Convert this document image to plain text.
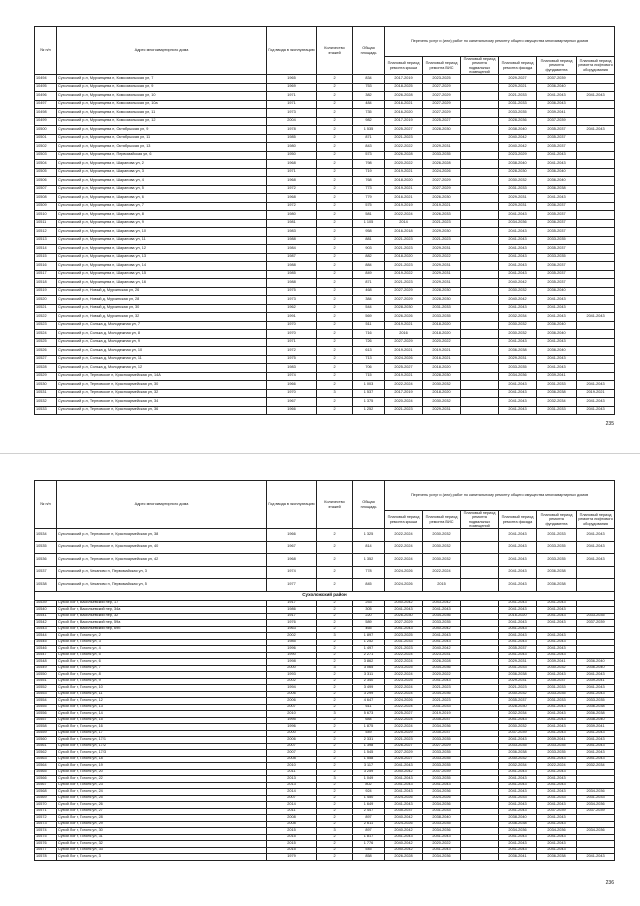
№ п/п	Адрес многоквартирного дома	Год ввода в эксплуатацию	Количество этажей	Общая площадь	Перечень услуг и (или) работ по капитальному ремонту общего имущества многоквартирных домов					
					Плановый период ремонта крыши	Плановый период ремонта ВИС	Плановый период ремонта подвальных помещений	Плановый период ремонта фасада	Плановый период ремонта фундамента	Плановый период ремонта лифтового оборудования
10494	Сухоложский р-н, Мурзинцева п, Комсомольская ул, 7	1965	2	834	2017-2019	2023-2025		2029-2027	2037-2039	
10495	Сухоложский р-н, Мурзинцева п, Комсомольская ул, 9	1969	2	753	2018-2025	2027-2029		2029-2021	2036-2040	
10496	Сухоложский р-н, Мурзинцева п, Комсомольская ул, 10	1971	2	382	2026-2028	2027-2029		2021-2033	2041-2043	2041-2043
10497	Сухоложский р-н, Мурзинцева п, Комсомольская ул, 10а	1971	2	484	2016-2021	2027-2029		2031-2033	2036-2043	
10498	Сухоложский р-н, Мурзинцева п, Комсомольская ул, 11	1973	2	735	2016-2020	2027-2029		2033-2035	2039-2041	
10499	Сухоложский р-н, Мурзинцева п, Комсомольская ул, 12	2004	2	982	2017-2019	2025-2027		2028-2036	2037-2039	
10500	Сухоложский р-н, Мурзинцева п, Октябрьская ул, 9	1978	2	1 535	2025-2027	2028-2030		2038-2040	2035-2037	2041-2043
10501	Сухоложский р-н, Мурзинцева п, Октябрьская ул, 11	1985	2	871	2021-2023			2040-2042	2035-2037	
10502	Сухоложский р-н, Мурзинцева п, Октябрьская ул, 13	1980	2	843	2022-2022	2029-2031		2040-2042	2035-2037	
10503	Сухоложский р-н, Мурзинцева п, Первомайская ул, 6	1950	2	573	2026-2028	2033-2035		2023-2029	2041-2043	
10504	Сухоложский р-н, Мурзинцева п, Шарапова ул, 2	1968	2	798	2020-2022	2026-2028		2038-2040	2041-2043	
10505	Сухоложский р-н, Мурзинцева п, Шарапова ул, 3	1971	2	719	2019-2021	2024-2026		2028-2030	2036-2040	
10506	Сухоложский р-н, Мурзинцева п, Шарапова ул, 4	1968	2	768	2018-2020	2027-2029		2030-2032	2036-2040	
10507	Сухоложский р-н, Мурзинцева п, Шарапова ул, 5	1972	2	773	2019-2021	2027-2029		2031-2033	2036-2038	
10508	Сухоложский р-н, Мурзинцева п, Шарапова ул, 6	1968	2	779	2016-2021	2026-2030		2029-2031	2041-2043	
10509	Сухоложский р-н, Мурзинцева п, Шарапова ул, 7	1972	2	575	2019-2019	2019-2021		2029-2031	2036-2037	
10510	Сухоложский р-н, Мурзинцева п, Шарапова ул, 8	1980	2	581	2022-2024	2026-2033		2041-2043	2035-2037	
10511	Сухоложский р-н, Мурзинцева п, Шарапова ул, 9	1981	2	1 105	2014	2021-2023		2034-2036	2036-2037	
10512	Сухоложский р-н, Мурзинцева п, Шарапова ул, 10	1983	2	958	2016-2018	2029-2030		2041-2043	2035-2037	
10513	Сухоложский р-н, Мурзинцева п, Шарапова ул, 11	1988	2	881	2021-2023	2021-2023		2041-2043	2033-2035	
10514	Сухоложский р-н, Мурзинцева п, Шарапова ул, 12	1984	2	903	2021-2023	2029-2031		2041-2043	2035-2037	
10515	Сухоложский р-н, Мурзинцева п, Шарапова ул, 13	1987	2	882	2018-2020	2020-2022		2041-2043	2033-2035	
10516	Сухоложский р-н, Мурзинцева п, Шарапова ул, 14	1988	2	884	2021-2023	2029-2031		2041-2043	2036-2037	
10517	Сухоложский р-н, Мурзинцева п, Шарапова ул, 15	1985	2	849	2019-2022	2029-2031		2041-2043	2035-2037	
10518	Сухоложский р-н, Мурзинцева п, Шарапова ул, 16	1988	2	871	2021-2023	2029-2031		2040-2042	2035-2037	
10519	Сухоложский р-н, Новый д, Мурзинская ул, 26	1975	2	468	2027-2029	2028-2030		2030-2032	2036-2040	
10520	Сухоложский р-н, Новый д, Мурзинская ул, 28	1973	2	384	2027-2029	2028-2030		2040-2042	2041-2043	
10521	Сухоложский р-н, Новый д, Мурзинская ул, 30	1962	2	544	2028-2030	2031-2033		2041-2043	2041-2043	
10522	Сухоложский р-н, Новый д, Мурзинская ул, 32	1991	2	569	2026-2026	2033-2035		2032-2034	2041-2043	2041-2043
10523	Сухоложский р-н, Солька д, Молодежная ул, 7	1970	2	511	2019-2021	2018-2020		2030-2032	2036-2040	
10524	Сухоложский р-н, Солька д, Молодежная ул, 8	1970	2	716	2016	2018-2020		2030-2032	2036-2040	
10525	Сухоложский р-н, Солька д, Молодежная ул, 9	1971	2	726	2027-2029	2020-2022		2041-2043	2041-2043	
10526	Сухоложский р-н, Солька д, Молодежная ул, 10	1972	2	613	2019-2021	2019-2021		2036-2038	2036-2040	
10527	Сухоложский р-н, Солька д, Молодежная ул, 11	1975	2	713	2024-2026	2016-2021		2029-2031	2041-2043	
10528	Сухоложский р-н, Солька д, Молодежная ул, 12	1983	2	706	2025-2027	2018-2020		2033-2035	2041-2043	
10529	Сухоложский р-н, Терновское п, Красноармейская ул, 14А	1974	2	715	2019-2021	2028-2030		2034-2036	2039-2041	
10530	Сухоложский р-н, Терновское п, Красноармейская ул, 30	1966	2	1 003	2022-2024	2030-2032		2041-2043	2031-2033	2041-2043
10531	Сухоложский р-н, Терновское п, Красноармейская ул, 32	1970	3	1 537	2017-2019	2018-2020		2041-2043	2036-2038	2019-2021
10532	Сухоложский р-н, Терновское п, Красноармейская ул, 34	1967	2	1 375	2020-2024	2030-2032		2041-2043	2032-2034	2041-2043
10533	Сухоложский р-н, Терновское п, Красноармейская ул, 36	1966	2	1 252	2021-2023	2029-2031		2041-2043	2031-2033	2041-2043
235
№ п/п	Адрес многоквартирного дома	Год ввода в эксплуатацию	Количество этажей	Общая площадь	Перечень услуг и (или) работ по капитальному ремонту общего имущества многоквартирных домов					
					Плановый период ремонта крыши	Плановый период ремонта ВИС	Плановый период ремонта подвальных помещений	Плановый период ремонта фасада	Плановый период ремонта фундамента	Плановый период ремонта лифтового оборудования
10534	Сухоложский р-н, Терновское п, Красноармейская ул, 38	1966	2	1 325	2022-2024	2030-2032		2041-2043	2031-2033	2041-2043
10535	Сухоложский р-н, Терновское п, Красноармейская ул, 40	1967	2	814	2022-2024	2030-2032		2041-2043	2033-2035	2041-2043
10536	Сухоложский р-н, Терновское п, Красноармейская ул, 42	1968	2	1 352	2022-2024	2030-2032		2041-2043	2033-2035	2041-2043
10537	Сухоложский р-н, Чеканово п, Первомайская ул, 3	1974	2	778	2024-2026	2022-2024		2041-2043	2036-2038	
10538	Сухоложский р-н, Чеканово п, Первомайская ул, 5	1977	2	845	2024-2026	2015		2041-2043	2036-2038	
Сухоложский район										
10539	Сухой Лог г, Васильевский пер, 17	1917	2	253	2040-2042	2043-2042		2041-2043	2041-2043	
10540	Сухой Лог г, Васильевский пер, 34а	1986	2	305	2041-2043	2041-2043		2041-2043	2041-2043	
10541	Сухой Лог г, Васильевский пер, 32	1917	2	220	2026-2030	2034-2036		2016-2020	2041-2043	2033-2035
10542	Сухой Лог г, Васильевский пер, 59а	1976	2	589	2027-2029	2033-2035		2041-2043	2041-2043	2037-2039
10543	Сухой Лог г, Васильевский пер, 69б	1963	2	465	2041-2043	2040-2042		2041-2043		
10544	Сухой Лог г, Гоголя ул, 2	2002	3	1 897	2023-2025	2041-2043		2041-2043	2041-2043	
10545	Сухой Лог г, Гоголя ул, 3	1985	2	1 252	2031-2033	2041-2043		2041-2043	2041-2043	
10546	Сухой Лог г, Гоголя ул, 4	1996	2	1 497	2021-2023	2040-2042		2035-2037	2041-2043	
10547	Сухой Лог г, Гоголя ул, 5	1990	2	2 271	2022-2024	2023-2031		2041-2043	2041-2043	
10548	Сухой Лог г, Гоголя ул, 6	1998	2	3 862	2022-2024	2026-2028		2029-2031	2039-2041	2036-2040
10549	Сухой Лог г, Гоголя ул, 7	2000	3	3 065	2023-2025	2034-2036		2031-2033	2030-2032	2036-2040
10550	Сухой Лог г, Гоголя ул, 8	1993	2	3 311	2022-2024	2020-2022		2036-2038	2041-2043	2041-2043
10551	Сухой Лог г, Гоголя ул, 9	2002	2	2 340	2023-2025	2041-2043		2029-2031	2035-2037	2039-2041
10552	Сухой Лог г, Гоголя ул, 10	1994	2	3 499	2022-2024	2021-2023		2021-2023	2031-2033	2041-2043
10553	Сухой Лог г, Гоголя ул, 11	2006	2	3 299	2022-2024	2034-2036		2030-2032	2033-2035	2041-2043
10554	Сухой Лог г, Гоголя ул, 12	2006	2	4 647	2024-2026	2021-2023		2035-2037	2031-2033	2033-2035
10555	Сухой Лог г, Гоголя ул, 13	2007	2	611	2022-2024	2031-2033		2028-2030	2041-2043	2036-2038
10556	Сухой Лог г, Гоголя ул, 14	2010	3	5 673	2025-2027	2019-2019		2032-2034	2041-2043	2036-2038
10557	Сухой Лог г, Гоголя ул, 15	1995	2	684	2022-2024	2035-2037		2041-2043	2041-2043	2038-2040
10558	Сухой Лог г, Гоголя ул, 16	1996	2	1 875	2022-2024	2034-2036		2030-2032	2041-2043	2039-2041
10559	Сухой Лог г, Гоголя ул, 17	2000	2	549	2025-2029	2035-2037		2037-2039	2041-2043	2041-2043
10560	Сухой Лог г, Гоголя ул, 17/1	2006	2	2 331	2021-2023	2033-2035		2041-2043	2039-2041	2041-2043
10561	Сухой Лог г, Гоголя ул, 17/2	2007	2	1 398	2026-2027	2027-2029		2033-2035	2033-2035	2041-2043
10562	Сухой Лог г, Гоголя ул, 17/3	2007	2	1 545	2027-2029	2033-2035		2036-2038	2033-2035	2041-2043
10563	Сухой Лог г, Гоголя ул, 18	2008	2	1 558	2025-2027	2033-2035		2030-2032	2041-2043	2041-2043
10564	Сухой Лог г, Гоголя ул, 19	2010	2	3 117	2041-2043	2033-2035		2032-2034	2022-2024	2032-2034
10565	Сухой Лог г, Гоголя ул, 20	2011	2	3 259	2040-2042	2037-2039		2041-2043	2041-2043	
10566	Сухой Лог г, Гоголя ул, 22	2013	3	1 049	2041-2043	2033-2035		2041-2043	2041-2043	
10567	Сухой Лог г, Гоголя ул, 23	2013	2	802	2041-2043	2041-2043		2041-2043	2041-2043	
10568	Сухой Лог г, Гоголя ул, 24	2014	2	924	2041-2043	2034-2036		2041-2043	2041-2043	2034-2036
10569	Сухой Лог г, Гоголя ул, 25	2007	2	1 450	2024-2026	2024-2026		2031-2033	2031-2033	2031-2033
10570	Сухой Лог г, Гоголя ул, 26	2014	2	1 649	2041-2043	2034-2036		2041-2043	2041-2043	2034-2036
10571	Сухой Лог г, Гоголя ул, 27	2011	2	2 447	2035-2037	2031-2033		2041-2043	2037-2039	2037-2039
10572	Сухой Лог г, Гоголя ул, 28	2008	2	897	2040-2042	2038-2040		2038-2040	2041-2043	
10573	Сухой Лог г, Гоголя ул, 29	2008	2	2 611	2024-2026	2033-2035		2036-2038	2041-2043	
10574	Сухой Лог г, Гоголя ул, 30	2015	3	897	2040-2042	2034-2036		2034-2036	2034-2036	2034-2036
10575	Сухой Лог г, Гоголя ул, 31	2015	2	1 817	2041-2043	2041-2043		2041-2043	2041-2043	
10576	Сухой Лог г, Гоголя ул, 32	2015	2	1 776	2040-2042	2020-2022		2041-2043	2041-2043	
10577	Сухой Лог г, Гоголя ул, 33	2015	2	545	2040-2042	2041-2043		2041-2043	2041-2043	
10578	Сухой Лог г, Гоголя ул, 3	1979	2	858	2026-2028	2034-2036		2036-2041	2036-2038	2041-2043
236
